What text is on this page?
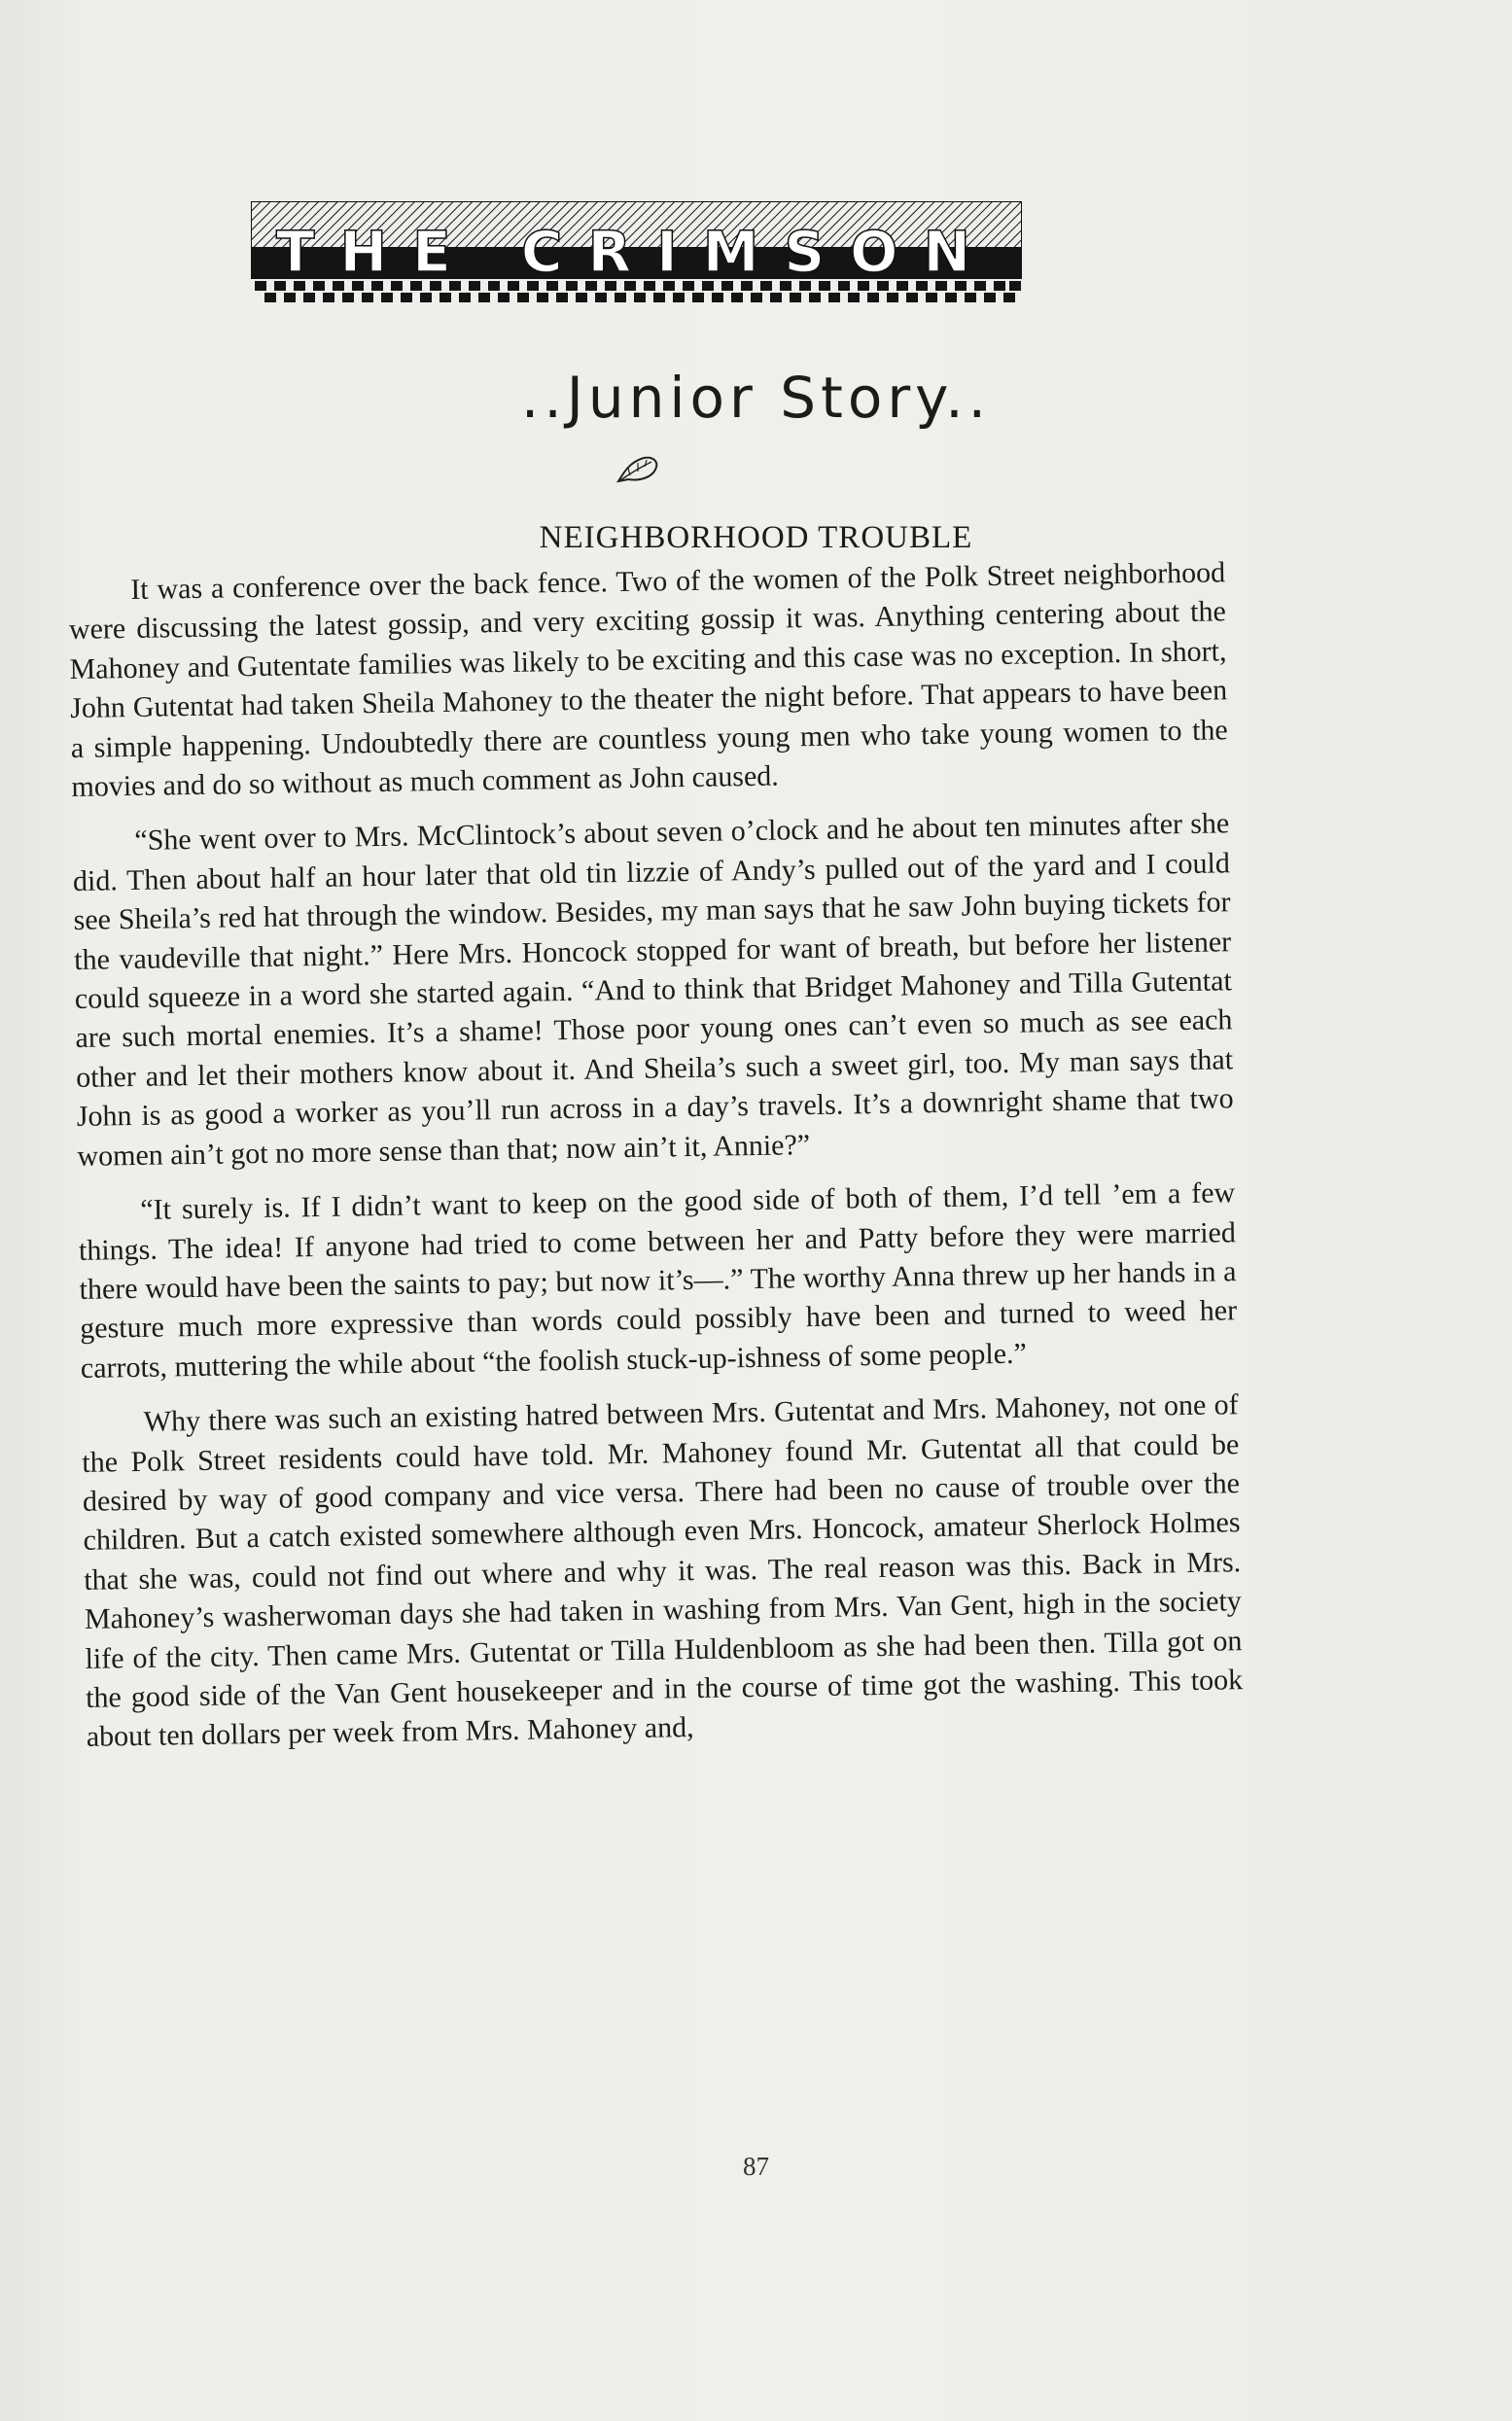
THE CRIMSON
..Junior Story..
NEIGHBORHOOD TROUBLE

It was a conference over the back fence. Two of the women of the Polk Street neighborhood were discussing the latest gossip, and very exciting gossip it was. Anything centering about the Mahoney and Gutentate families was likely to be exciting and this case was no exception. In short, John Gutentat had taken Sheila Mahoney to the theater the night before. That appears to have been a simple happening. Undoubtedly there are countless young men who take young women to the movies and do so without as much comment as John caused.

“She went over to Mrs. McClintock’s about seven o’clock and he about ten minutes after she did. Then about half an hour later that old tin lizzie of Andy’s pulled out of the yard and I could see Sheila’s red hat through the window. Besides, my man says that he saw John buying tickets for the vaudeville that night.” Here Mrs. Honcock stopped for want of breath, but before her listener could squeeze in a word she started again. “And to think that Bridget Mahoney and Tilla Gutentat are such mortal enemies. It’s a shame! Those poor young ones can’t even so much as see each other and let their mothers know about it. And Sheila’s such a sweet girl, too. My man says that John is as good a worker as you’ll run across in a day’s travels. It’s a downright shame that two women ain’t got no more sense than that; now ain’t it, Annie?”

“It surely is. If I didn’t want to keep on the good side of both of them, I’d tell ’em a few things. The idea! If anyone had tried to come between her and Patty before they were married there would have been the saints to pay; but now it’s—.” The worthy Anna threw up her hands in a gesture much more expressive than words could possibly have been and turned to weed her carrots, muttering the while about “the foolish stuck-up-ishness of some people.”

Why there was such an existing hatred between Mrs. Gutentat and Mrs. Mahoney, not one of the Polk Street residents could have told. Mr. Mahoney found Mr. Gutentat all that could be desired by way of good company and vice versa. There had been no cause of trouble over the children. But a catch existed somewhere although even Mrs. Honcock, amateur Sherlock Holmes that she was, could not find out where and why it was. The real reason was this. Back in Mrs. Mahoney’s washerwoman days she had taken in washing from Mrs. Van Gent, high in the society life of the city. Then came Mrs. Gutentat or Tilla Huldenbloom as she had been then. Tilla got on the good side of the Van Gent housekeeper and in the course of time got the washing. This took about ten dollars per week from Mrs. Mahoney and,

87
